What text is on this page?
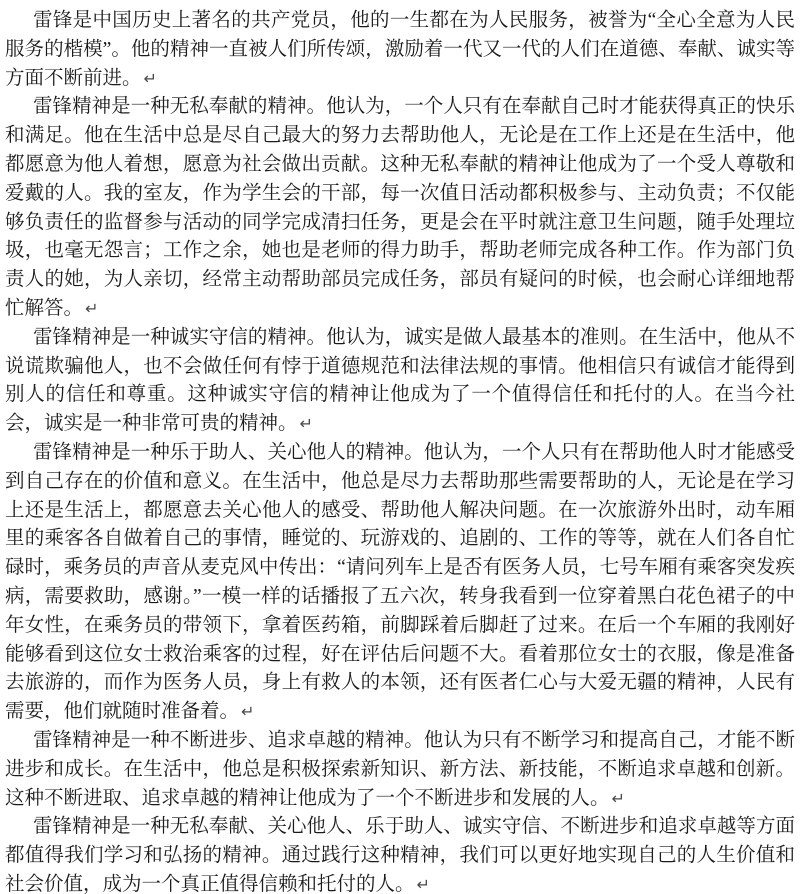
雷锋是中国历史上著名的共产党员，他的一生都在为人民服务，被誉为“全心全意为人民服务的楷模”。他的精神一直被人们所传颂，激励着一代又一代的人们在道德、奉献、诚实等方面不断前进。 ↵

雷锋精神是一种无私奉献的精神。他认为，一个人只有在奉献自己时才能获得真正的快乐和满足。他在生活中总是尽自己最大的努力去帮助他人，无论是在工作上还是在生活中，他都愿意为他人着想，愿意为社会做出贡献。这种无私奉献的精神让他成为了一个受人尊敬和爱戴的人。我的室友，作为学生会的干部，每一次值日活动都积极参与、主动负责；不仅能够负责任的监督参与活动的同学完成清扫任务，更是会在平时就注意卫生问题，随手处理垃圾，也毫无怨言；工作之余，她也是老师的得力助手，帮助老师完成各种工作。作为部门负责人的她，为人亲切，经常主动帮助部员完成任务，部员有疑问的时候，也会耐心详细地帮忙解答。 ↵

雷锋精神是一种诚实守信的精神。他认为，诚实是做人最基本的准则。在生活中，他从不说谎欺骗他人，也不会做任何有悖于道德规范和法律法规的事情。他相信只有诚信才能得到别人的信任和尊重。这种诚实守信的精神让他成为了一个值得信任和托付的人。在当今社会，诚实是一种非常可贵的精神。 ↵

雷锋精神是一种乐于助人、关心他人的精神。他认为，一个人只有在帮助他人时才能感受到自己存在的价值和意义。在生活中，他总是尽力去帮助那些需要帮助的人，无论是在学习上还是生活上，都愿意去关心他人的感受、帮助他人解决问题。在一次旅游外出时，动车厢里的乘客各自做着自己的事情，睡觉的、玩游戏的、追剧的、工作的等等，就在人们各自忙碌时，乘务员的声音从麦克风中传出：“请问列车上是否有医务人员，七号车厢有乘客突发疾病，需要救助，感谢。”一模一样的话播报了五六次，转身我看到一位穿着黑白花色裙子的中年女性，在乘务员的带领下，拿着医药箱，前脚踩着后脚赶了过来。在后一个车厢的我刚好能够看到这位女士救治乘客的过程，好在评估后问题不大。看着那位女士的衣服，像是准备去旅游的，而作为医务人员，身上有救人的本领，还有医者仁心与大爱无疆的精神，人民有需要，他们就随时准备着。 ↵

雷锋精神是一种不断进步、追求卓越的精神。他认为只有不断学习和提高自己，才能不断进步和成长。在生活中，他总是积极探索新知识、新方法、新技能，不断追求卓越和创新。这种不断进取、追求卓越的精神让他成为了一个不断进步和发展的人。 ↵

雷锋精神是一种无私奉献、关心他人、乐于助人、诚实守信、不断进步和追求卓越等方面都值得我们学习和弘扬的精神。通过践行这种精神，我们可以更好地实现自己的人生价值和社会价值，成为一个真正值得信赖和托付的人。 ↵
